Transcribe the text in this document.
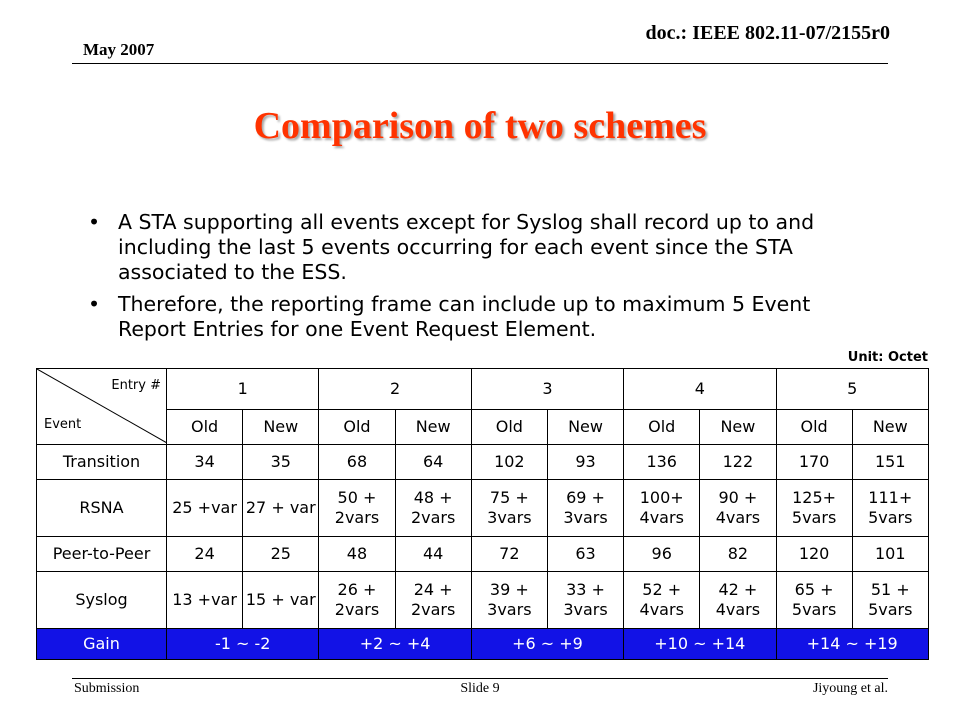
May 2007
doc.: IEEE 802.11-07/2155r0
Comparison of two schemes
• A STA supporting all events except for Syslog shall record up to and including the last 5 events occurring for each event since the STA associated to the ESS.
• Therefore, the reporting frame can include up to maximum 5 Event Report Entries for one Event Request Element.
Unit: Octet
Entry #
Event	1		2		3		4		5	
	Old	New	Old	New	Old	New	Old	New	Old	New
Transition	34	35	68	64	102	93	136	122	170	151
RSNA	25 +var	27 + var	50 + 2vars	48 + 2vars	75 + 3vars	69 + 3vars	100+ 4vars	90 + 4vars	125+ 5vars	111+ 5vars
Peer-to-Peer	24	25	48	44	72	63	96	82	120	101
Syslog	13 +var	15 + var	26 + 2vars	24 + 2vars	39 + 3vars	33 + 3vars	52 + 4vars	42 + 4vars	65 + 5vars	51 + 5vars
Gain	-1 ~ -2		+2 ~ +4		+6 ~ +9		+10 ~ +14		+14 ~ +19	
Submission	Slide 9	Jiyoung et al.
